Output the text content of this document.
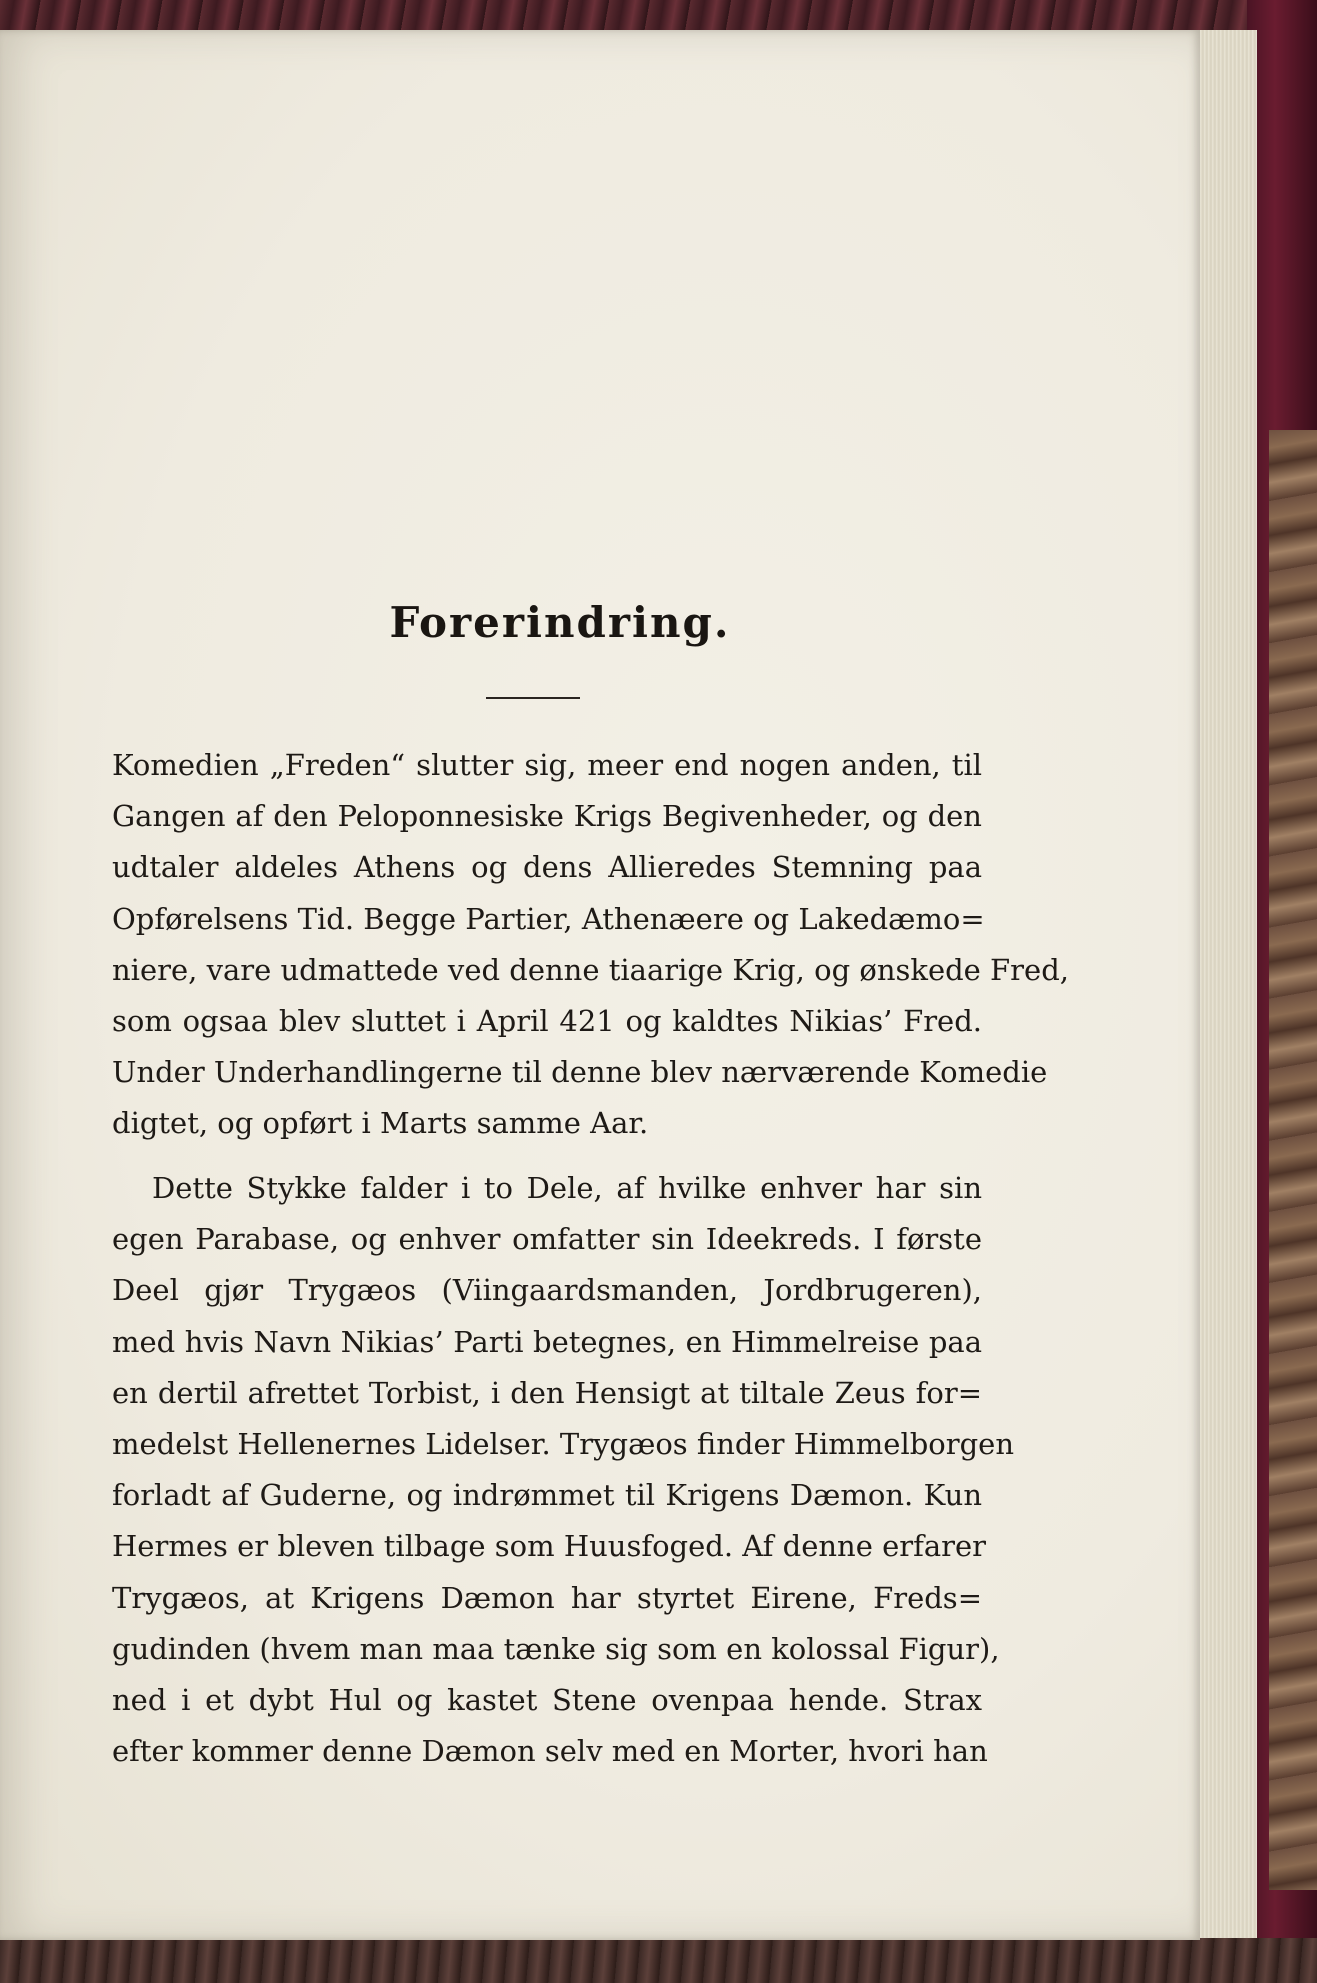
Forerindring.
Komedien „Freden“ slutter sig, meer end nogen anden, til
Gangen af den Peloponnesiske Krigs Begivenheder, og den
udtaler aldeles Athens og dens Allieredes Stemning paa
Opførelsens Tid. Begge Partier, Athenæere og Lakedæmo=
niere, vare udmattede ved denne tiaarige Krig, og ønskede Fred,
som ogsaa blev sluttet i April 421 og kaldtes Nikias’ Fred.
Under Underhandlingerne til denne blev nærværende Komedie
digtet, og opført i Marts samme Aar.
Dette Stykke falder i to Dele, af hvilke enhver har sin
egen Parabase, og enhver omfatter sin Ideekreds. I første
Deel gjør Trygæos (Viingaardsmanden, Jordbrugeren),
med hvis Navn Nikias’ Parti betegnes, en Himmelreise paa
en dertil afrettet Torbist, i den Hensigt at tiltale Zeus for=
medelst Hellenernes Lidelser. Trygæos finder Himmelborgen
forladt af Guderne, og indrømmet til Krigens Dæmon. Kun
Hermes er bleven tilbage som Huusfoged. Af denne erfarer
Trygæos, at Krigens Dæmon har styrtet Eirene, Freds=
gudinden (hvem man maa tænke sig som en kolossal Figur),
ned i et dybt Hul og kastet Stene ovenpaa hende. Strax
efter kommer denne Dæmon selv med en Morter, hvori han
